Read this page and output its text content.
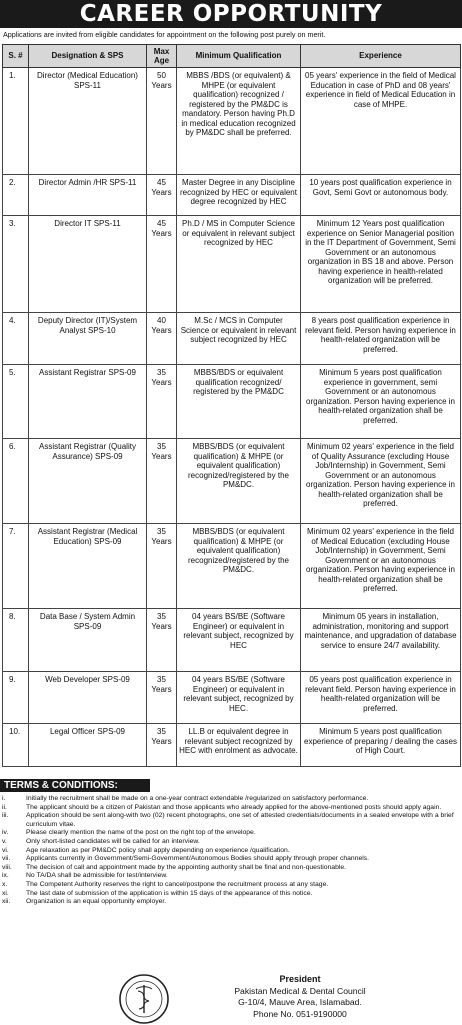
CAREER OPPORTUNITY
Applications are invited from eligible candidates for appointment on the following post purely on merit.
S. #	Designation & SPS	Max Age	Minimum Qualification	Experience
1.	Director (Medical Education) SPS-11	50 Years	MBBS /BDS (or equivalent) & MHPE (or equivalent qualification) recognized / registered by the PM&DC is mandatory. Person having Ph.D in medical education recognized by PM&DC shall be preferred.	05 years' experience in the field of Medical Education in case of PhD and 08 years' experience in field of Medical Education in case of MHPE.
2.	Director Admin /HR SPS-11	45 Years	Master Degree in any Discipline recognized by HEC or equivalent degree recognized by HEC	10 years post qualification experience in Govt, Semi Govt or autonomous body.
3.	Director IT SPS-11	45 Years	Ph.D / MS in Computer Science or equivalent in relevant subject recognized by HEC	Minimum 12 Years post qualification experience on Senior Managerial position in the IT Department of Government, Semi Government or an autonomous organization in BS 18 and above. Person having experience in health-related organization will be preferred.
4.	Deputy Director (IT)/System Analyst SPS-10	40 Years	M.Sc / MCS in Computer Science or equivalent in relevant subject recognized by HEC	8 years post qualification experience in relevant field. Person having experience in health-related organization will be preferred.
5.	Assistant Registrar SPS-09	35 Years	MBBS/BDS or equivalent qualification recognized/ registered by the PM&DC	Minimum 5 years post qualification experience in government, semi Government or an autonomous organization. Person having experience in health-related organization shall be preferred.
6.	Assistant Registrar (Quality Assurance) SPS-09	35 Years	MBBS/BDS (or equivalent qualification) & MHPE (or equivalent qualification) recognized/registered by the PM&DC.	Minimum 02 years' experience in the field of Quality Assurance (excluding House Job/Internship) in Government, Semi Government or an autonomous organization. Person having experience in health-related organization shall be preferred.
7.	Assistant Registrar (Medical Education) SPS-09	35 Years	MBBS/BDS (or equivalent qualification) & MHPE (or equivalent qualification) recognized/registered by the PM&DC.	Minimum 02 years' experience in the field of Medical Education (excluding House Job/Internship) in Government, Semi Government or an autonomous organization. Person having experience in health-related organization shall be preferred.
8.	Data Base / System Admin SPS-09	35 Years	04 years BS/BE (Software Engineer) or equivalent in relevant subject, recognized by HEC	Minimum 05 years in installation, administration, monitoring and support maintenance, and upgradation of database service to ensure 24/7 availability.
9.	Web Developer SPS-09	35 Years	04 years BS/BE (Software Engineer) or equivalent in relevant subject, recognized by HEC.	05 years post qualification experience in relevant field. Person having experience in health-related organization will be preferred.
10.	Legal Officer SPS-09	35 Years	LL.B or equivalent degree in relevant subject recognized by HEC with enrolment as advocate.	Minimum 5 years post qualification experience of preparing / dealing the cases of High Court.
TERMS & CONDITIONS:
i.	Initially the recruitment shall be made on a one-year contract extendable /regularized on satisfactory performance.
ii.	The applicant should be a citizen of Pakistan and those applicants who already applied for the above-mentioned posts should apply again.
iii.	Application should be sent along-with two (02) recent photographs, one set of attested credentials/documents in a sealed envelope with a brief curriculum vitae.
iv.	Please clearly mention the name of the post on the right top of the envelope.
v.	Only short-listed candidates will be called for an interview.
vi.	Age relaxation as per PM&DC policy shall apply depending on experience /qualification.
vii.	Applicants currently in Government/Semi-Government/Autonomous Bodies should apply through proper channels.
viii.	The decision of call and appointment made by the appointing authority shall be final and non-questionable.
ix.	No TA/DA shall be admissible for test/interview.
x.	The Competent Authority reserves the right to cancel/postpone the recruitment process at any stage.
xi.	The last date of submission of the application is within 15 days of the appearance of this notice.
xii.	Organization is an equal opportunity employer.
President
Pakistan Medical & Dental Council
G-10/4, Mauve Area, Islamabad.
Phone No. 051-9190000
